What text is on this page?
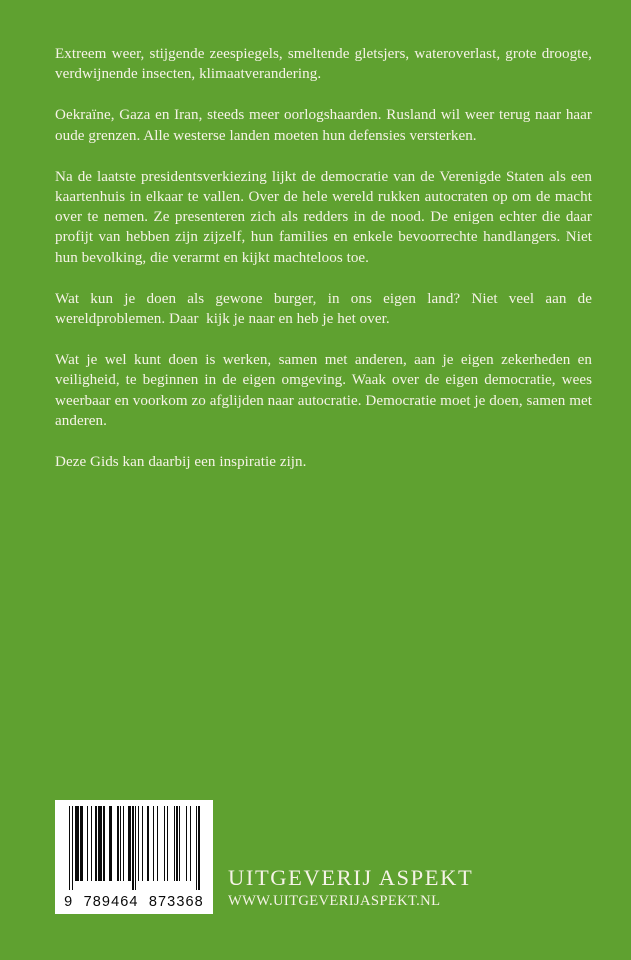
Extreem weer, stijgende zeespiegels, smeltende gletsjers, wateroverlast, grote droogte, verdwijnende insecten, klimaatverandering.

Oekraïne, Gaza en Iran, steeds meer oorlogshaarden. Rusland wil weer terug naar haar oude grenzen. Alle westerse landen moeten hun defensies versterken.

Na de laatste presidentsverkiezing lijkt de democratie van de Verenigde Staten als een kaartenhuis in elkaar te vallen. Over de hele wereld rukken autocraten op om de macht over te nemen. Ze presenteren zich als redders in de nood. De enigen echter die daar profijt van hebben zijn zijzelf, hun families en enkele bevoorrechte handlangers. Niet hun bevolking, die verarmt en kijkt machteloos toe.

Wat kun je doen als gewone burger, in ons eigen land? Niet veel aan de wereldproblemen. Daar  kijk je naar en heb je het over.

Wat je wel kunt doen is werken, samen met anderen, aan je eigen zekerheden en veiligheid, te beginnen in de eigen omgeving. Waak over de eigen democratie, wees weerbaar en voorkom zo afglijden naar autocratie. Democratie moet je doen, samen met anderen.

Deze Gids kan daarbij een inspiratie zijn.

9  789464  873368
UITGEVERIJ ASPEKT
WWW.UITGEVERIJASPEKT.NL
